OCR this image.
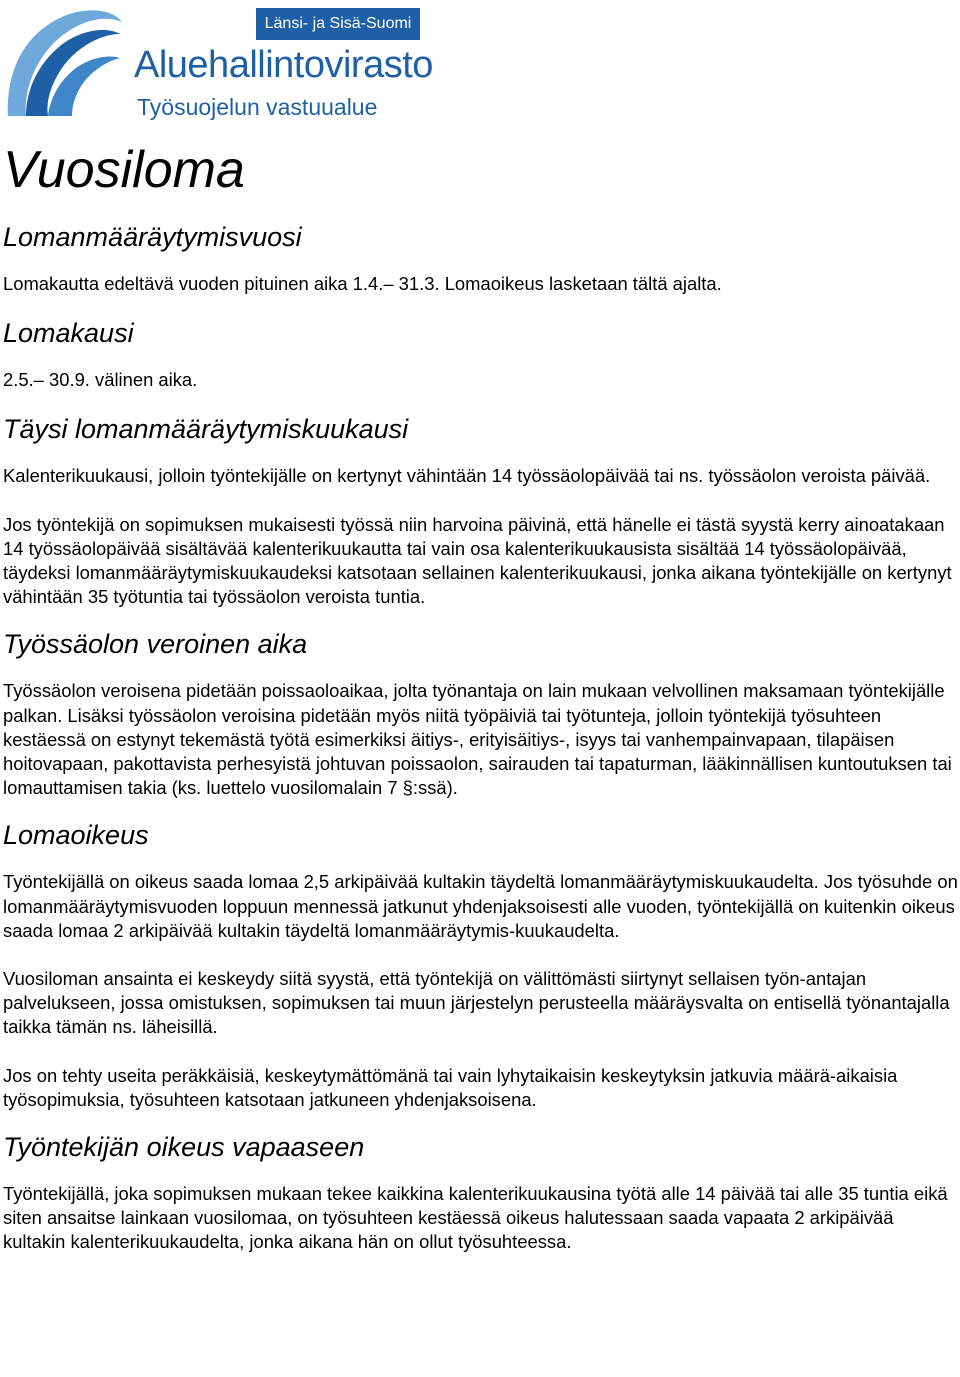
Länsi- ja Sisä-Suomi
Aluehallintovirasto
Työsuojelun vastuualue
Vuosiloma
Lomanmääräytymisvuosi

Lomakautta edeltävä vuoden pituinen aika 1.4.– 31.3. Lomaoikeus lasketaan tältä ajalta.

Lomakausi

2.5.– 30.9. välinen aika.

Täysi lomanmääräytymiskuukausi

Kalenterikuukausi, jolloin työntekijälle on kertynyt vähintään 14 työssäolopäivää tai ns. työssäolon veroista päivää.

Jos työntekijä on sopimuksen mukaisesti työssä niin harvoina päivinä, että hänelle ei tästä syystä kerry ainoatakaan 14 työssäolopäivää sisältävää kalenterikuukautta tai vain osa kalenterikuukausista sisältää 14 työssäolopäivää, täydeksi lomanmääräytymiskuukaudeksi katsotaan sellainen kalenterikuukausi, jonka aikana työntekijälle on kertynyt vähintään 35 työtuntia tai työssäolon veroista tuntia.

Työssäolon veroinen aika

Työssäolon veroisena pidetään poissaoloaikaa, jolta työnantaja on lain mukaan velvollinen maksamaan työntekijälle palkan. Lisäksi työssäolon veroisina pidetään myös niitä työpäiviä tai työtunteja, jolloin työntekijä työsuhteen kestäessä on estynyt tekemästä työtä esimerkiksi äitiys-, erityisäitiys-, isyys tai vanhempainvapaan, tilapäisen hoitovapaan, pakottavista perhesyistä johtuvan poissaolon, sairauden tai tapaturman, lääkinnällisen kuntoutuksen tai lomauttamisen takia (ks. luettelo vuosilomalain 7 §:ssä).

Lomaoikeus

Työntekijällä on oikeus saada lomaa 2,5 arkipäivää kultakin täydeltä lomanmääräytymiskuukaudelta. Jos työsuhde on lomanmääräytymisvuoden loppuun mennessä jatkunut yhdenjaksoisesti alle vuoden, työntekijällä on kuitenkin oikeus saada lomaa 2 arkipäivää kultakin täydeltä lomanmääräytymis-kuukaudelta.

Vuosiloman ansainta ei keskeydy siitä syystä, että työntekijä on välittömästi siirtynyt sellaisen työn-antajan palvelukseen, jossa omistuksen, sopimuksen tai muun järjestelyn perusteella määräysvalta on entisellä työnantajalla taikka tämän ns. läheisillä.

Jos on tehty useita peräkkäisiä, keskeytymättömänä tai vain lyhytaikaisin keskeytyksin jatkuvia määrä-aikaisia työsopimuksia, työsuhteen katsotaan jatkuneen yhdenjaksoisena.

Työntekijän oikeus vapaaseen

Työntekijällä, joka sopimuksen mukaan tekee kaikkina kalenterikuukausina työtä alle 14 päivää tai alle 35 tuntia eikä siten ansaitse lainkaan vuosilomaa, on työsuhteen kestäessä oikeus halutessaan saada vapaata 2 arkipäivää kultakin kalenterikuukaudelta, jonka aikana hän on ollut työsuhteessa.
